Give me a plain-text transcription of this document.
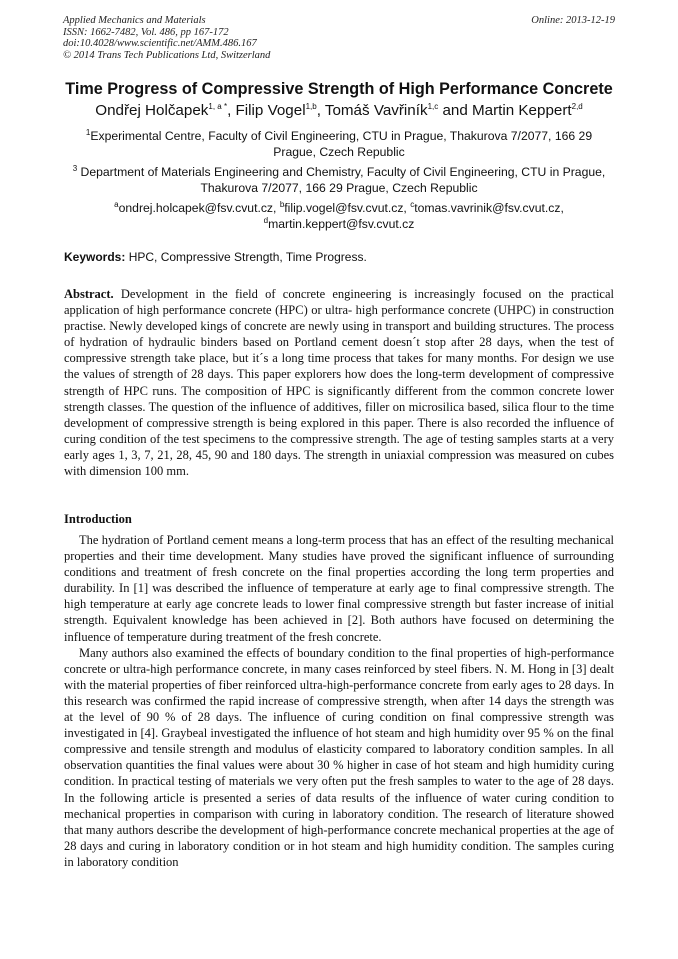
Applied Mechanics and Materials
ISSN: 1662-7482, Vol. 486, pp 167-172
doi:10.4028/www.scientific.net/AMM.486.167
© 2014 Trans Tech Publications Ltd, Switzerland
Online: 2013-12-19
Time Progress of Compressive Strength of High Performance Concrete
Ondřej Holčapek$^{1, a *}$, Filip Vogel$^{1,b}$, Tomáš Vavřiník$^{1,c}$ and Martin Keppert$^{2,d}$
$^1$Experimental Centre, Faculty of Civil Engineering, CTU in Prague, Thakurova 7/2077, 166 29 Prague, Czech Republic
$^3$ Department of Materials Engineering and Chemistry, Faculty of Civil Engineering, CTU in Prague, Thakurova 7/2077, 166 29 Prague, Czech Republic
$^a$ondrej.holcapek@fsv.cvut.cz, $^b$filip.vogel@fsv.cvut.cz, $^c$tomas.vavrinik@fsv.cvut.cz,
$^d$martin.keppert@fsv.cvut.cz
Keywords: HPC, Compressive Strength, Time Progress.
Abstract. Development in the field of concrete engineering is increasingly focused on the practical application of high performance concrete (HPC) or ultra- high performance concrete (UHPC) in construction practise. Newly developed kings of concrete are newly using in transport and building structures. The process of hydration of hydraulic binders based on Portland cement doesn´t stop after 28 days, when the test of compressive strength take place, but it´s a long time process that takes for many months. For design we use the values of strength of 28 days. This paper explorers how does the long-term development of compressive strength of HPC runs. The composition of HPC is significantly different from the common concrete lower strength classes. The question of the influence of additives, filler on microsilica based, silica flour to the time development of compressive strength is being explored in this paper. There is also recorded the influence of curing condition of the test specimens to the compressive strength. The age of testing samples starts at a very early ages 1, 3, 7, 21, 28, 45, 90 and 180 days. The strength in uniaxial compression was measured on cubes with dimension 100 mm.
Introduction

The hydration of Portland cement means a long-term process that has an effect of the resulting mechanical properties and their time development. Many studies have proved the significant influence of surrounding conditions and treatment of fresh concrete on the final properties according the long term properties and durability. In [1] was described the influence of temperature at early age to final compressive strength. The high temperature at early age concrete leads to lower final compressive strength but faster increase of initial strength. Equivalent knowledge has been achieved in [2]. Both authors have focused on determining the influence of temperature during treatment of the fresh concrete.

Many authors also examined the effects of boundary condition to the final properties of high-performance concrete or ultra-high performance concrete, in many cases reinforced by steel fibers. N. M. Hong in [3] dealt with the material properties of fiber reinforced ultra-high-performance concrete from early ages to 28 days. In this research was confirmed the rapid increase of compressive strength, when after 14 days the strength was at the level of 90 % of 28 days. The influence of curing condition on final compressive strength was investigated in [4]. Graybeal investigated the influence of hot steam and high humidity over 95 % on the final compressive and tensile strength and modulus of elasticity compared to laboratory condition samples. In all observation quantities the final values were about 30 % higher in case of hot steam and high humidity curing condition. In practical testing of materials we very often put the fresh samples to water to the age of 28 days. In the following article is presented a series of data results of the influence of water curing condition to mechanical properties in comparison with curing in laboratory condition. The research of literature showed that many authors describe the development of high-performance concrete mechanical properties at the age of 28 days and curing in laboratory condition or in hot steam and high humidity condition. The samples curing in laboratory condition
